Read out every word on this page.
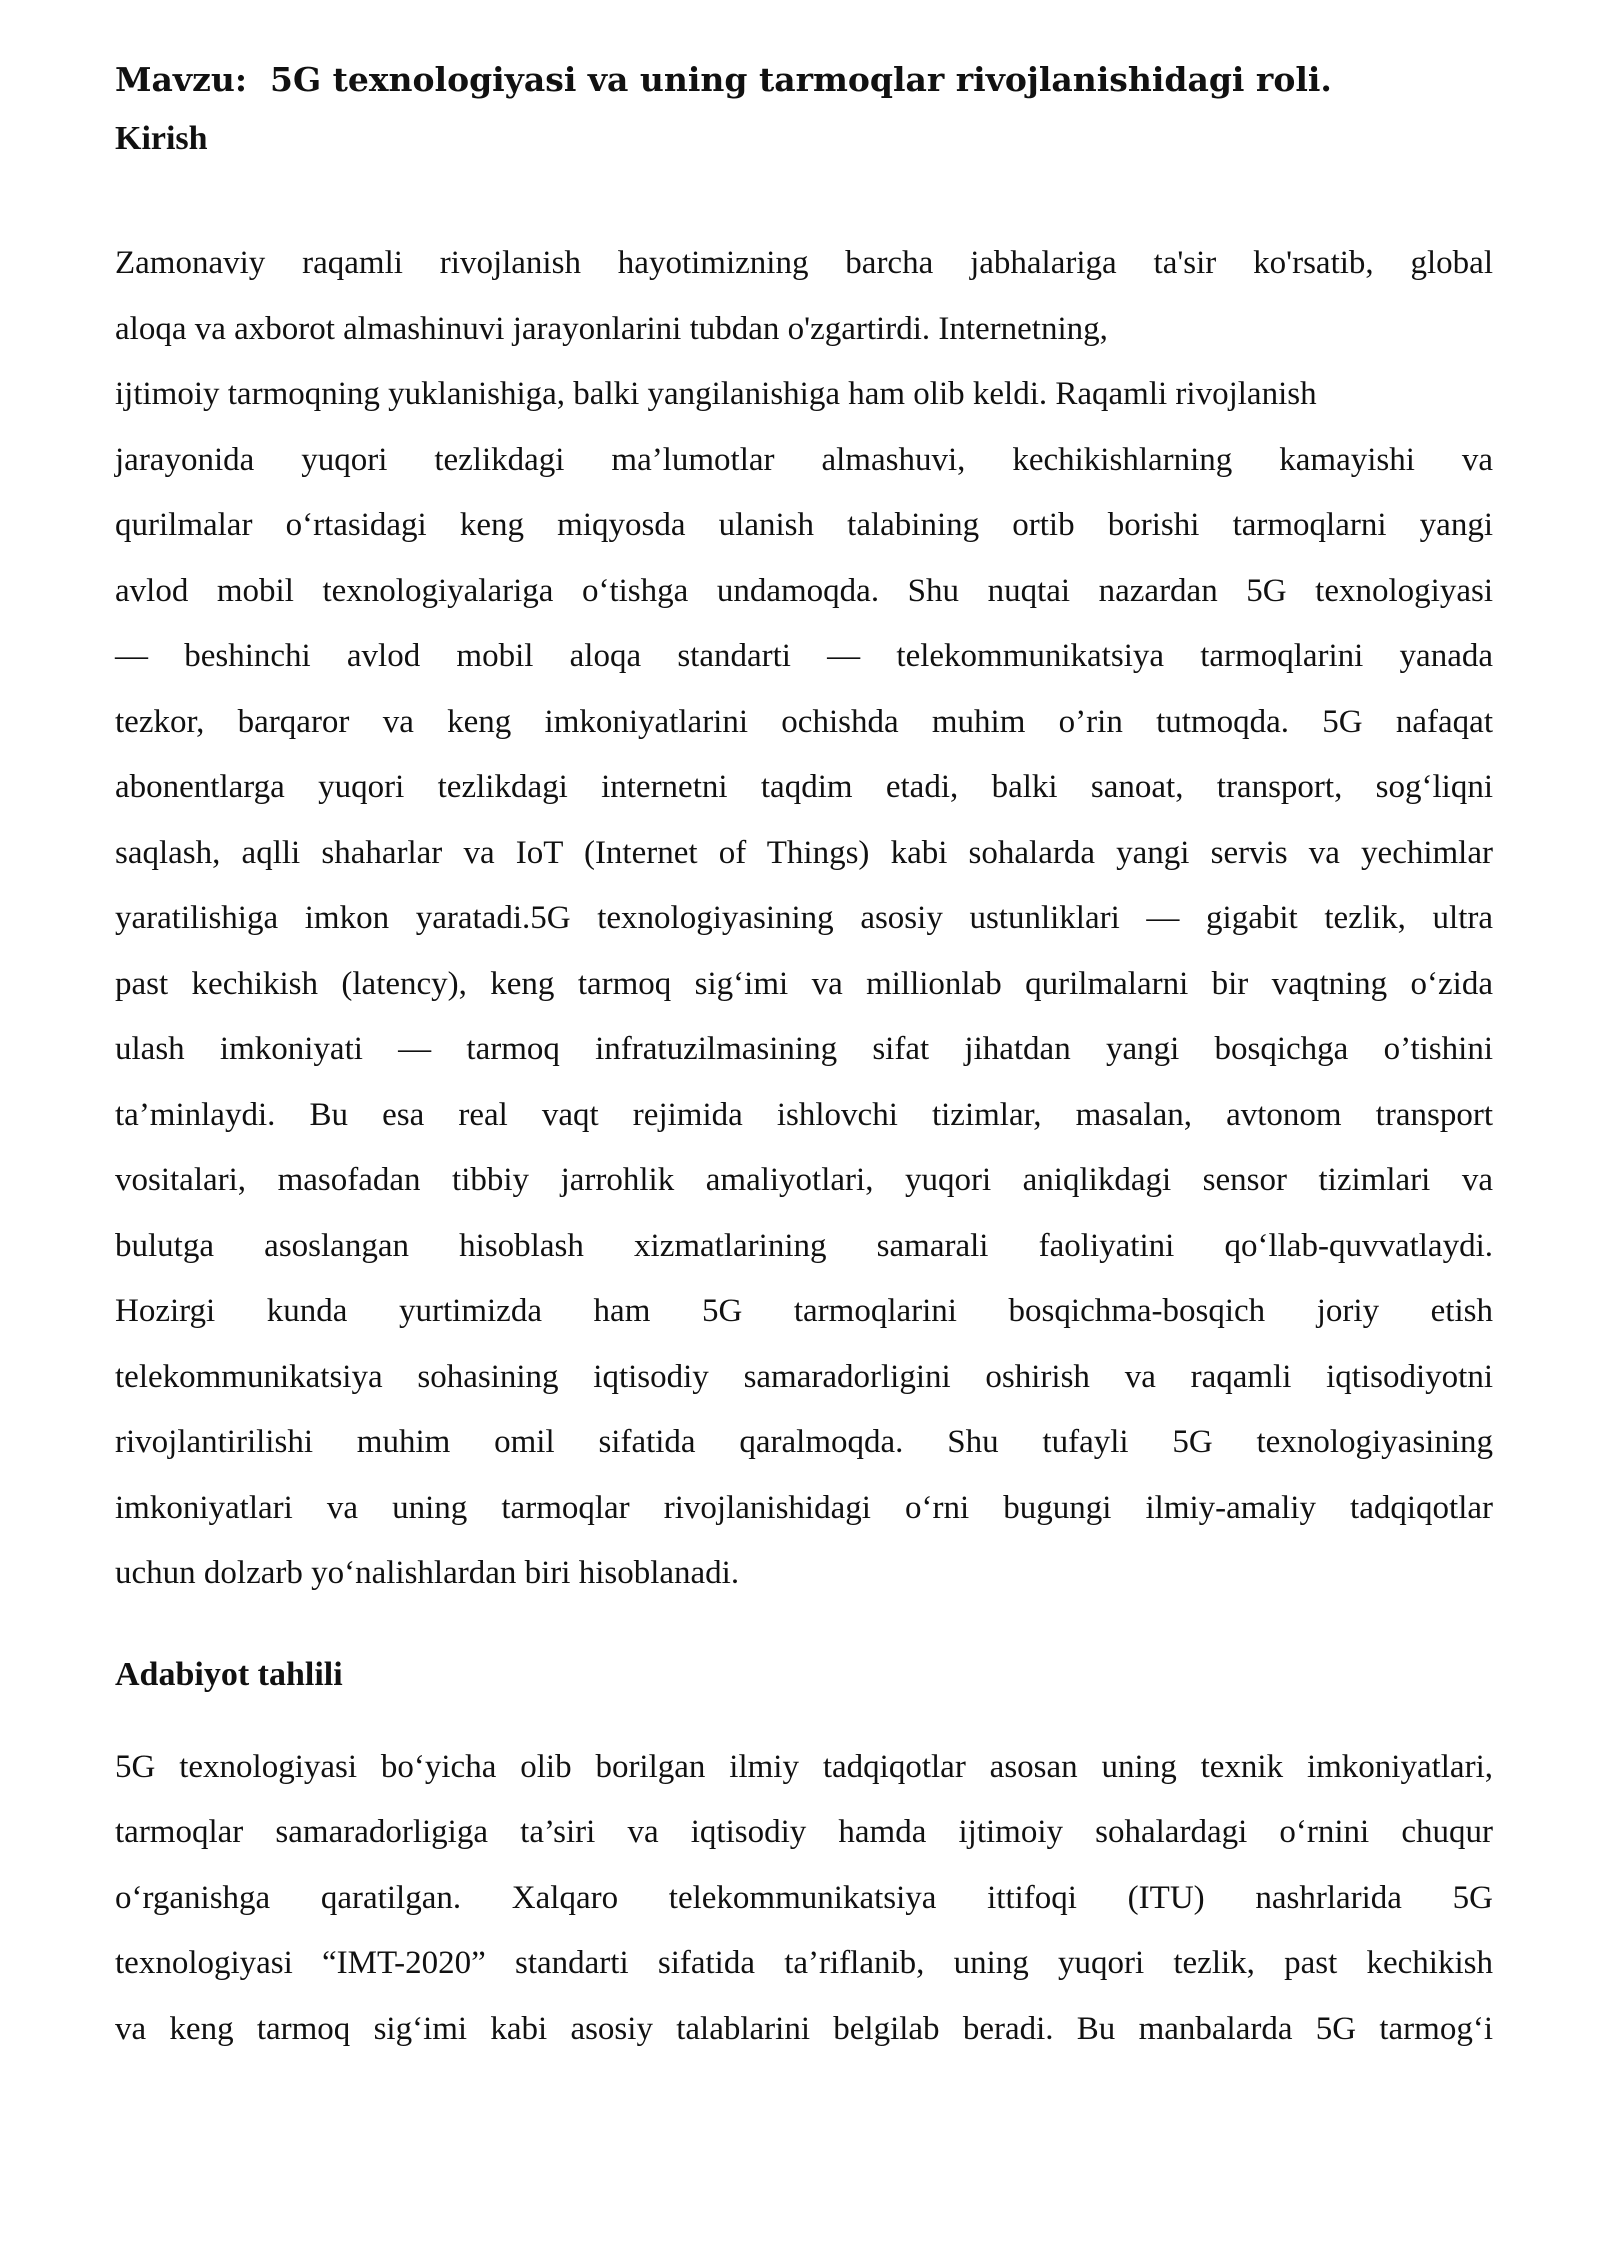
Mavzu:  5G texnologiyasi va uning tarmoqlar rivojlanishidagi roli.
Kirish
Zamonaviy raqamli rivojlanish hayotimizning barcha jabhalariga ta'sir ko'rsatib, global
aloqa va axborot almashinuvi jarayonlarini tubdan o'zgartirdi. Internetning,
ijtimoiy tarmoqning yuklanishiga, balki yangilanishiga ham olib keldi. Raqamli rivojlanish
jarayonida yuqori tezlikdagi ma’lumotlar almashuvi, kechikishlarning kamayishi va
qurilmalar o‘rtasidagi keng miqyosda ulanish talabining ortib borishi tarmoqlarni yangi
avlod mobil texnologiyalariga o‘tishga undamoqda. Shu nuqtai nazardan 5G texnologiyasi
— beshinchi avlod mobil aloqa standarti — telekommunikatsiya tarmoqlarini yanada
tezkor, barqaror va keng imkoniyatlarini ochishda muhim o’rin tutmoqda. 5G nafaqat
abonentlarga yuqori tezlikdagi internetni taqdim etadi, balki sanoat, transport, sog‘liqni
saqlash, aqlli shaharlar va IoT (Internet of Things) kabi sohalarda yangi servis va yechimlar
yaratilishiga imkon yaratadi.5G texnologiyasining asosiy ustunliklari — gigabit tezlik, ultra
past kechikish (latency), keng tarmoq sig‘imi va millionlab qurilmalarni bir vaqtning o‘zida
ulash imkoniyati — tarmoq infratuzilmasining sifat jihatdan yangi bosqichga o’tishini
ta’minlaydi. Bu esa real vaqt rejimida ishlovchi tizimlar, masalan, avtonom transport
vositalari, masofadan tibbiy jarrohlik amaliyotlari, yuqori aniqlikdagi sensor tizimlari va
bulutga asoslangan hisoblash xizmatlarining samarali faoliyatini qo‘llab-quvvatlaydi.
Hozirgi kunda yurtimizda ham 5G tarmoqlarini bosqichma-bosqich joriy etish
telekommunikatsiya sohasining iqtisodiy samaradorligini oshirish va raqamli iqtisodiyotni
rivojlantirilishi muhim omil sifatida qaralmoqda. Shu tufayli 5G texnologiyasining
imkoniyatlari va uning tarmoqlar rivojlanishidagi o‘rni bugungi ilmiy-amaliy tadqiqotlar
uchun dolzarb yo‘nalishlardan biri hisoblanadi.
Adabiyot tahlili
5G texnologiyasi bo‘yicha olib borilgan ilmiy tadqiqotlar asosan uning texnik imkoniyatlari,
tarmoqlar samaradorligiga ta’siri va iqtisodiy hamda ijtimoiy sohalardagi o‘rnini chuqur
o‘rganishga qaratilgan. Xalqaro telekommunikatsiya ittifoqi (ITU) nashrlarida 5G
texnologiyasi “IMT-2020” standarti sifatida ta’riflanib, uning yuqori tezlik, past kechikish
va keng tarmoq sig‘imi kabi asosiy talablarini belgilab beradi. Bu manbalarda 5G tarmog‘i
